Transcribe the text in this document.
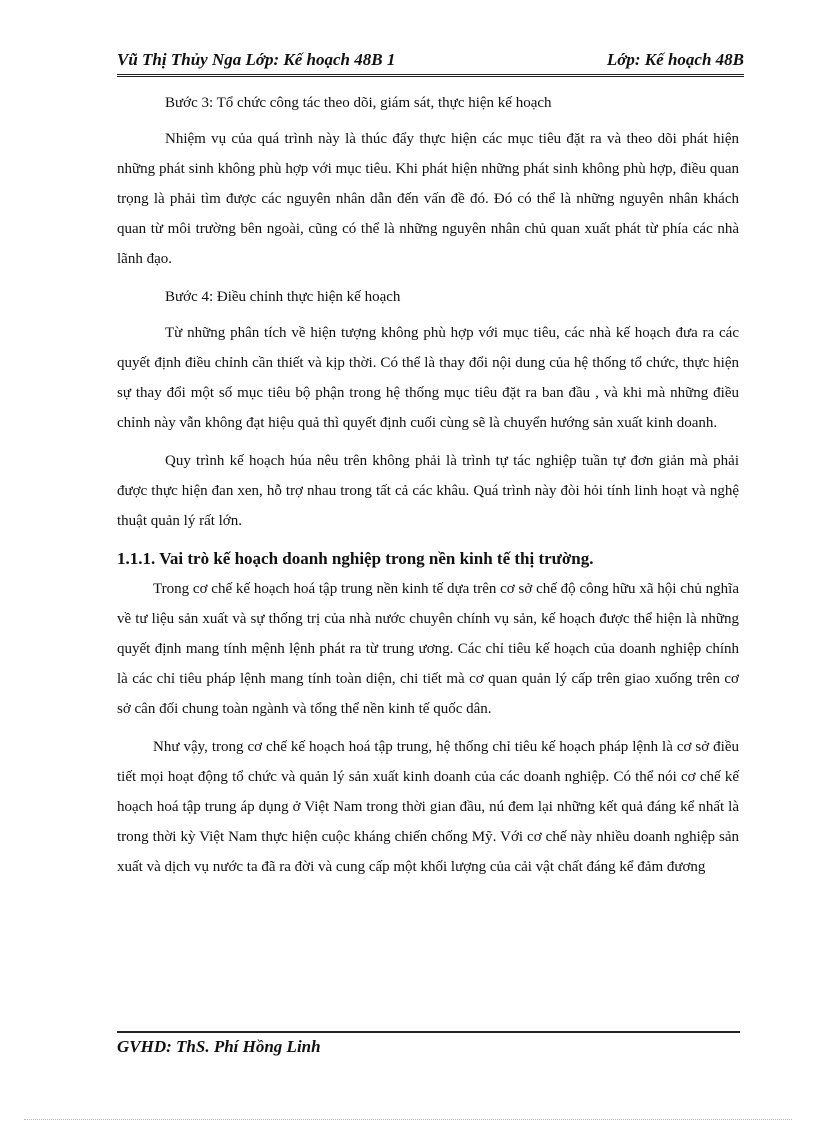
Vũ Thị Thủy Nga Lớp: Kế hoạch 48B 1	Lớp: Kế hoạch 48B

Bước 3: Tổ chức công tác theo dõi, giám sát, thực hiện kế hoạch

Nhiệm vụ của quá trình này là thúc đẩy thực hiện các mục tiêu đặt ra và theo dõi phát hiện những phát sinh không phù hợp với mục tiêu. Khi phát hiện những phát sinh không phù hợp, điều quan trọng là phải tìm được các nguyên nhân dẫn đến vấn đề đó. Đó có thể là những nguyên nhân khách quan từ môi trường bên ngoài, cũng có thể là những nguyên nhân chủ quan xuất phát từ phía các nhà lãnh đạo.

Bước 4: Điều chỉnh thực hiện kế hoạch

Từ những phân tích về hiện tượng không phù hợp với mục tiêu, các nhà kế hoạch đưa ra các quyết định điều chỉnh cần thiết và kịp thời. Có thể là thay đổi nội dung của hệ thống tổ chức, thực hiện sự thay đổi một số mục tiêu bộ phận trong hệ thống mục tiêu đặt ra ban đầu , và khi mà những điều chỉnh này vẫn không đạt hiệu quả thì quyết định cuối cùng sẽ là chuyển hướng sản xuất kinh doanh.

Quy trình kế hoạch húa nêu trên không phải là trình tự tác nghiệp tuần tự đơn giản mà phải được thực hiện đan xen, hỗ trợ nhau trong tất cả các khâu. Quá trình này đòi hỏi tính linh hoạt và nghệ thuật quản lý rất lớn.

1.1.1. Vai trò kế hoạch doanh nghiệp trong nền kinh tế thị trường.

Trong cơ chế kế hoạch hoá tập trung nền kinh tế dựa trên cơ sở chế độ công hữu xã hội chủ nghĩa về tư liệu sản xuất và sự thống trị của nhà nước chuyên chính vụ sản, kế hoạch được thể hiện là những quyết định mang tính mệnh lệnh phát ra từ trung ương. Các chỉ tiêu kế hoạch của doanh nghiệp chính là các chỉ tiêu pháp lệnh mang tính toàn diện, chi tiết mà cơ quan quản lý cấp trên giao xuống trên cơ sở cân đối chung toàn ngành và tổng thể nền kinh tế quốc dân.

Như vậy, trong cơ chế kế hoạch hoá tập trung, hệ thống chỉ tiêu kế hoạch pháp lệnh là cơ sở điều tiết mọi hoạt động tổ chức và quản lý sản xuất kinh doanh của các doanh nghiệp. Có thể nói cơ chế kế hoạch hoá tập trung áp dụng ở Việt Nam trong thời gian đầu, nú đem lại những kết quả đáng kể nhất là trong thời kỳ Việt Nam thực hiện cuộc kháng chiến chống Mỹ. Với cơ chế này nhiều doanh nghiệp sản xuất và dịch vụ nước ta đã ra đời và cung cấp một khối lượng của cải vật chất đáng kể đảm đương

GVHD: ThS. Phí Hồng Linh
